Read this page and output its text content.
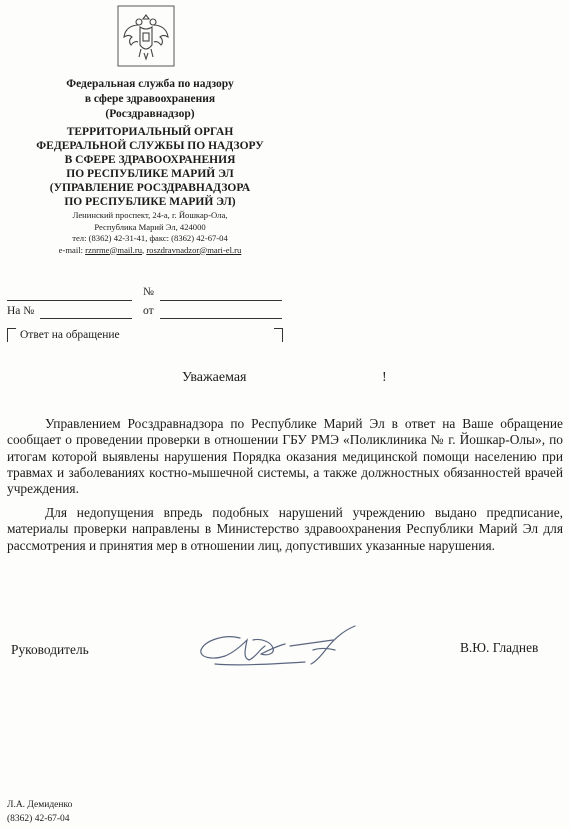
Федеральная служба по надзору
в сфере здравоохранения
(Росздравнадзор)
ТЕРРИТОРИАЛЬНЫЙ ОРГАН
ФЕДЕРАЛЬНОЙ СЛУЖБЫ ПО НАДЗОРУ
В СФЕРЕ ЗДРАВООХРАНЕНИЯ
ПО РЕСПУБЛИКЕ МАРИЙ ЭЛ
(УПРАВЛЕНИЕ РОСЗДРАВНАДЗОРА
ПО РЕСПУБЛИКЕ МАРИЙ ЭЛ)
Ленинский проспект, 24-а, г. Йошкар-Ола,
Республика Марий Эл, 424000
тел: (8362) 42-31-41, факс: (8362) 42-67-04
e-mail: rznrme@mail.ru, roszdravnadzor@mari-el.ru
№
На №	от
Ответ на обращение
Уважаемая	!
Управлением Росздравнадзора по Республике Марий Эл в ответ на Ваше обращение сообщает о проведении проверки в отношении ГБУ РМЭ «Поликлиника № г. Йошкар-Олы», по итогам которой выявлены нарушения Порядка оказания медицинской помощи населению при травмах и заболеваниях костно-мышечной системы, а также должностных обязанностей врачей учреждения.
Для недопущения впредь подобных нарушений учреждению выдано предписание, материалы проверки направлены в Министерство здравоохранения Республики Марий Эл для рассмотрения и принятия мер в отношении лиц, допустивших указанные нарушения.
Руководитель	В.Ю. Гладнев
Л.А. Демиденко
(8362) 42-67-04
